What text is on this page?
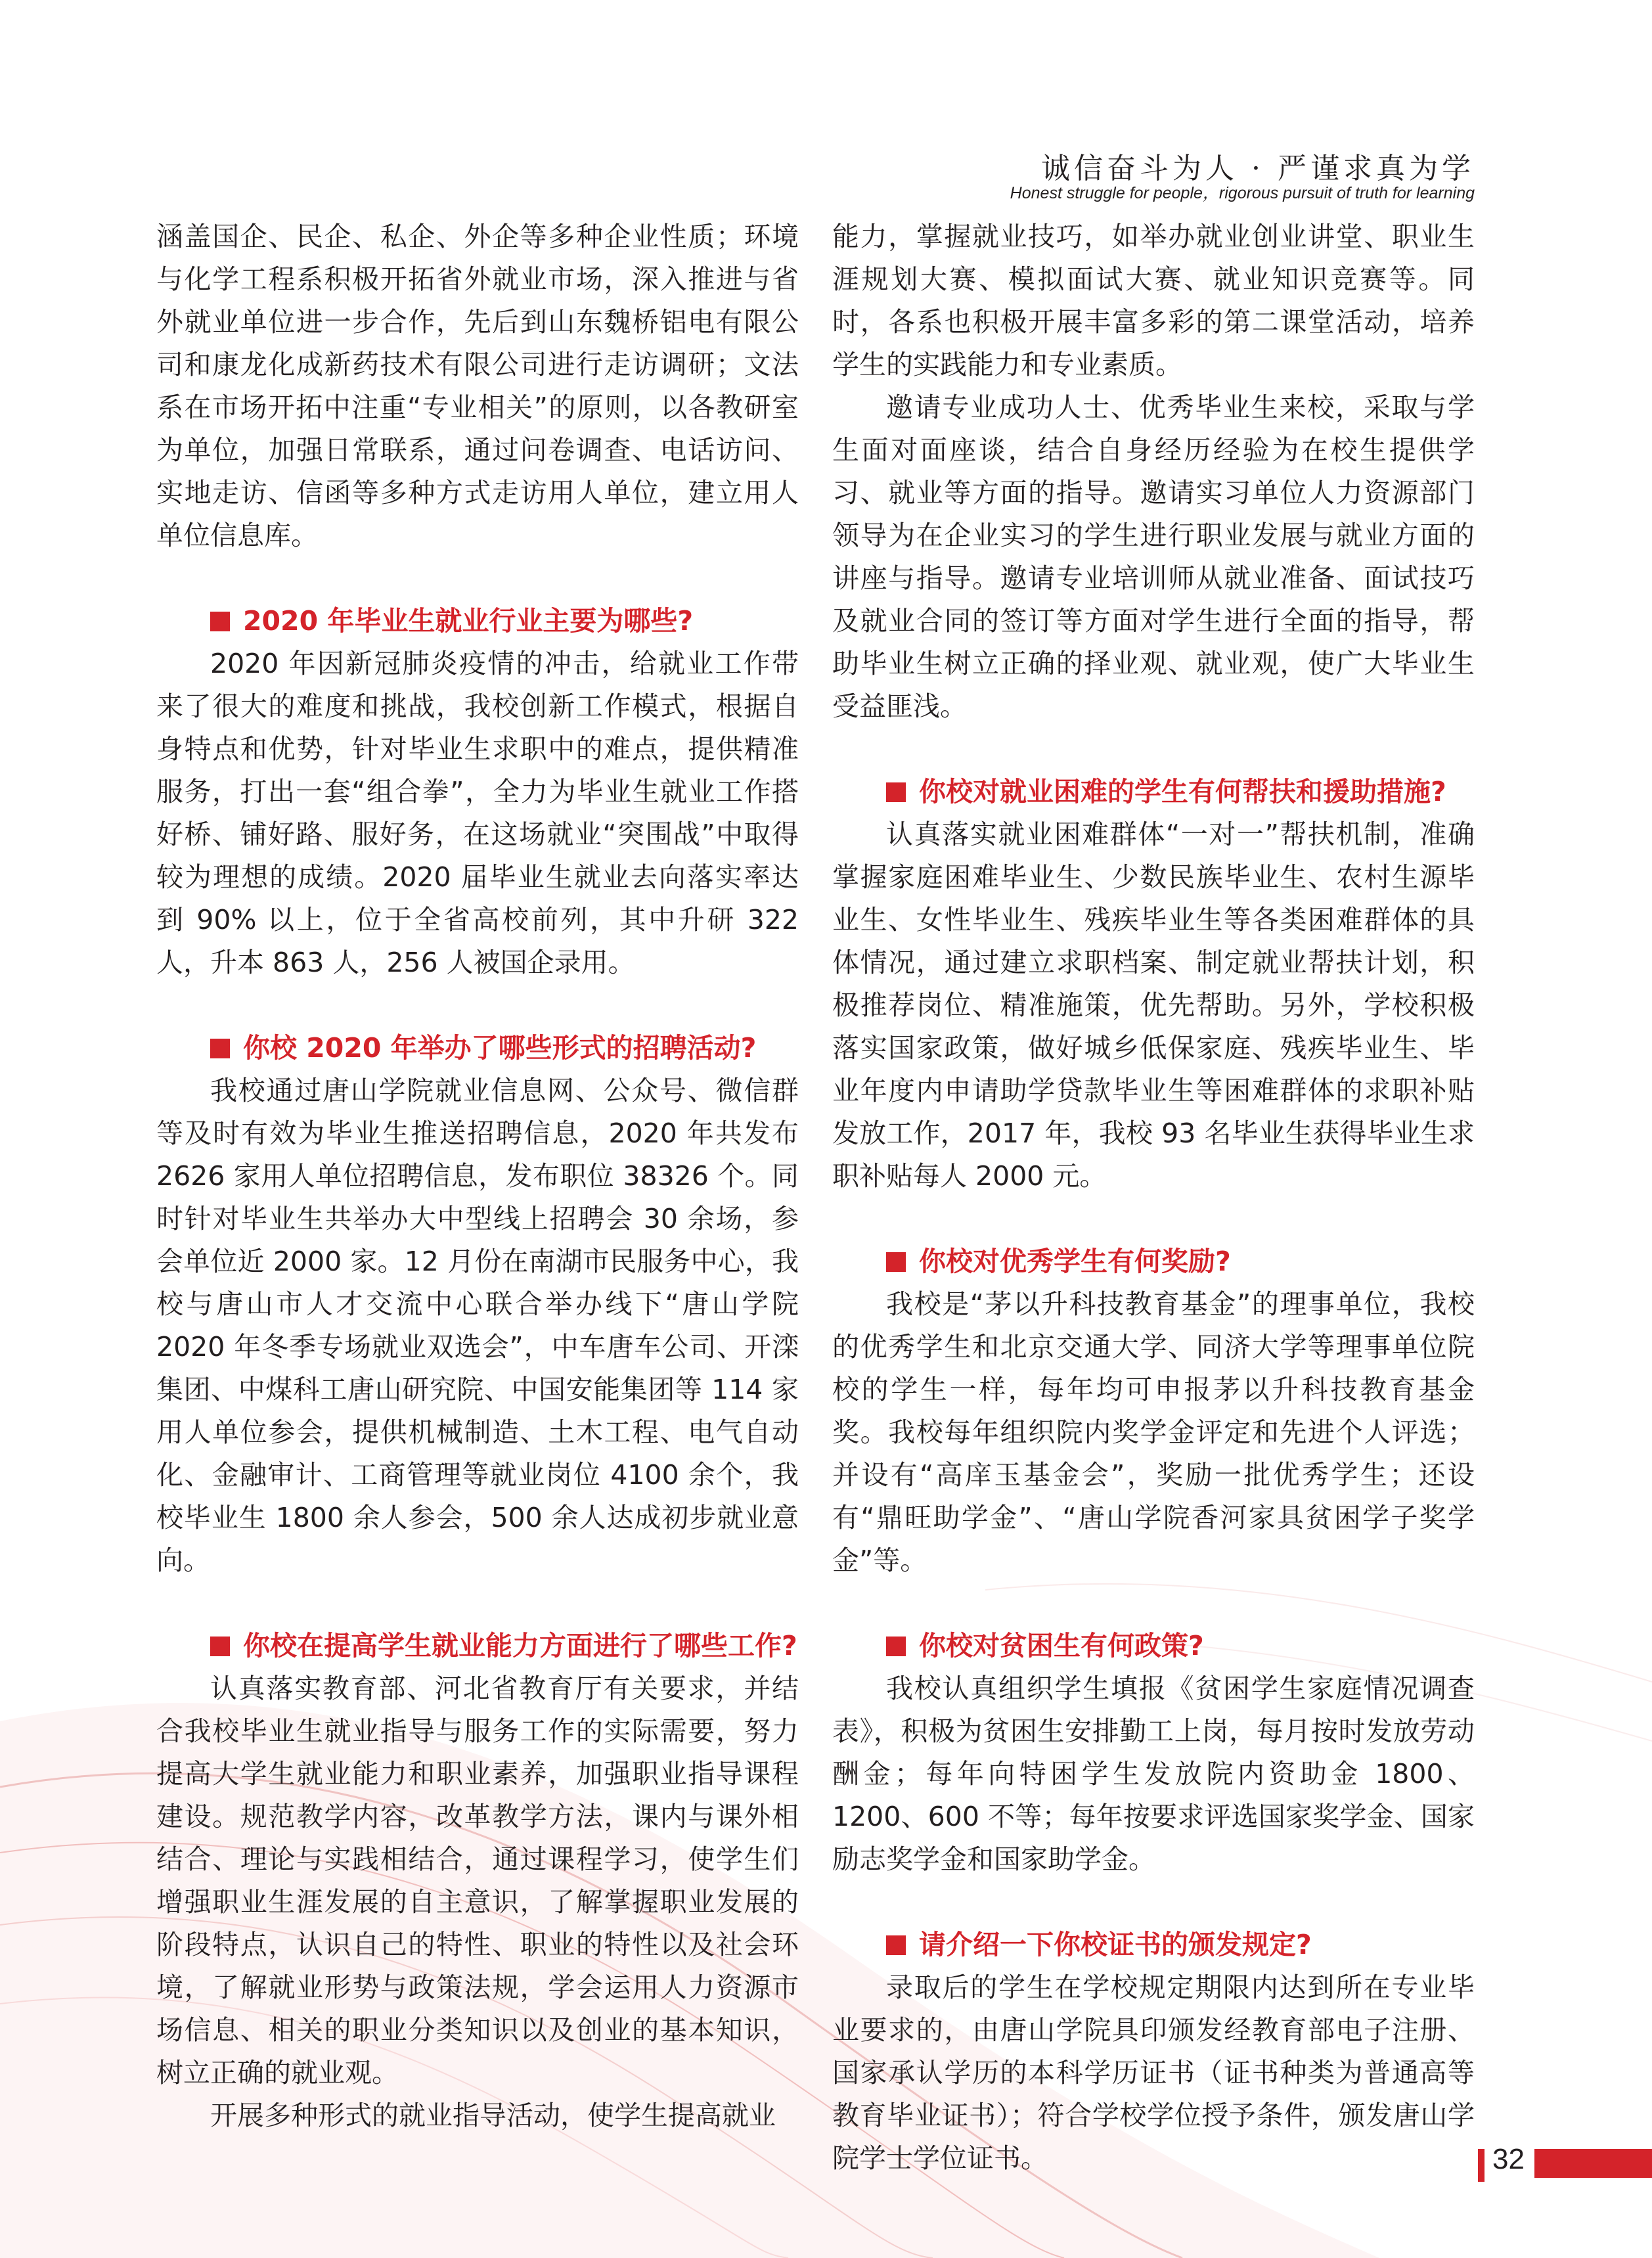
诚信奋斗为人 · 严谨求真为学
Honest struggle for people，rigorous pursuit of truth for learning

涵盖国企、民企、私企、外企等多种企业性质；环境与化学工程系积极开拓省外就业市场，深入推进与省外就业单位进一步合作，先后到山东魏桥铝电有限公司和康龙化成新药技术有限公司进行走访调研；文法系在市场开拓中注重“专业相关”的原则，以各教研室为单位，加强日常联系，通过问卷调查、电话访问、实地走访、信函等多种方式走访用人单位，建立用人单位信息库。

2020 年毕业生就业行业主要为哪些?

2020 年因新冠肺炎疫情的冲击，给就业工作带来了很大的难度和挑战，我校创新工作模式，根据自身特点和优势，针对毕业生求职中的难点，提供精准服务，打出一套“组合拳”，全力为毕业生就业工作搭好桥、铺好路、服好务，在这场就业“突围战”中取得较为理想的成绩。2020 届毕业生就业去向落实率达到 90% 以上，位于全省高校前列，其中升研 322 人，升本 863 人，256 人被国企录用。

你校 2020 年举办了哪些形式的招聘活动?

我校通过唐山学院就业信息网、公众号、微信群等及时有效为毕业生推送招聘信息，2020 年共发布 2626 家用人单位招聘信息，发布职位 38326 个。同时针对毕业生共举办大中型线上招聘会 30 余场，参会单位近 2000 家。12 月份在南湖市民服务中心，我校与唐山市人才交流中心联合举办线下“唐山学院 2020 年冬季专场就业双选会”，中车唐车公司、开滦集团、中煤科工唐山研究院、中国安能集团等 114 家用人单位参会，提供机械制造、土木工程、电气自动化、金融审计、工商管理等就业岗位 4100 余个，我校毕业生 1800 余人参会，500 余人达成初步就业意向。

你校在提高学生就业能力方面进行了哪些工作?

认真落实教育部、河北省教育厅有关要求，并结合我校毕业生就业指导与服务工作的实际需要，努力提高大学生就业能力和职业素养，加强职业指导课程建设。规范教学内容，改革教学方法，课内与课外相结合、理论与实践相结合，通过课程学习，使学生们增强职业生涯发展的自主意识，了解掌握职业发展的阶段特点，认识自己的特性、职业的特性以及社会环境，了解就业形势与政策法规，学会运用人力资源市场信息、相关的职业分类知识以及创业的基本知识，树立正确的就业观。

开展多种形式的就业指导活动，使学生提高就业

能力，掌握就业技巧，如举办就业创业讲堂、职业生涯规划大赛、模拟面试大赛、就业知识竞赛等。同时，各系也积极开展丰富多彩的第二课堂活动，培养学生的实践能力和专业素质。

邀请专业成功人士、优秀毕业生来校，采取与学生面对面座谈，结合自身经历经验为在校生提供学习、就业等方面的指导。邀请实习单位人力资源部门领导为在企业实习的学生进行职业发展与就业方面的讲座与指导。邀请专业培训师从就业准备、面试技巧及就业合同的签订等方面对学生进行全面的指导，帮助毕业生树立正确的择业观、就业观，使广大毕业生受益匪浅。

你校对就业困难的学生有何帮扶和援助措施?

认真落实就业困难群体“一对一”帮扶机制，准确掌握家庭困难毕业生、少数民族毕业生、农村生源毕业生、女性毕业生、残疾毕业生等各类困难群体的具体情况，通过建立求职档案、制定就业帮扶计划，积极推荐岗位、精准施策，优先帮助。另外，学校积极落实国家政策，做好城乡低保家庭、残疾毕业生、毕业年度内申请助学贷款毕业生等困难群体的求职补贴发放工作，2017 年，我校 93 名毕业生获得毕业生求职补贴每人 2000 元。

你校对优秀学生有何奖励?

我校是“茅以升科技教育基金”的理事单位，我校的优秀学生和北京交通大学、同济大学等理事单位院校的学生一样，每年均可申报茅以升科技教育基金奖。我校每年组织院内奖学金评定和先进个人评选；并设有“高庠玉基金会”，奖励一批优秀学生；还设有“鼎旺助学金”、“唐山学院香河家具贫困学子奖学金”等。

你校对贫困生有何政策?

我校认真组织学生填报《贫困学生家庭情况调查表》，积极为贫困生安排勤工上岗，每月按时发放劳动酬金；每年向特困学生发放院内资助金 1800、1200、600 不等；每年按要求评选国家奖学金、国家励志奖学金和国家助学金。

请介绍一下你校证书的颁发规定?

录取后的学生在学校规定期限内达到所在专业毕业要求的，由唐山学院具印颁发经教育部电子注册、国家承认学历的本科学历证书（证书种类为普通高等教育毕业证书）；符合学校学位授予条件，颁发唐山学院学士学位证书。	32
